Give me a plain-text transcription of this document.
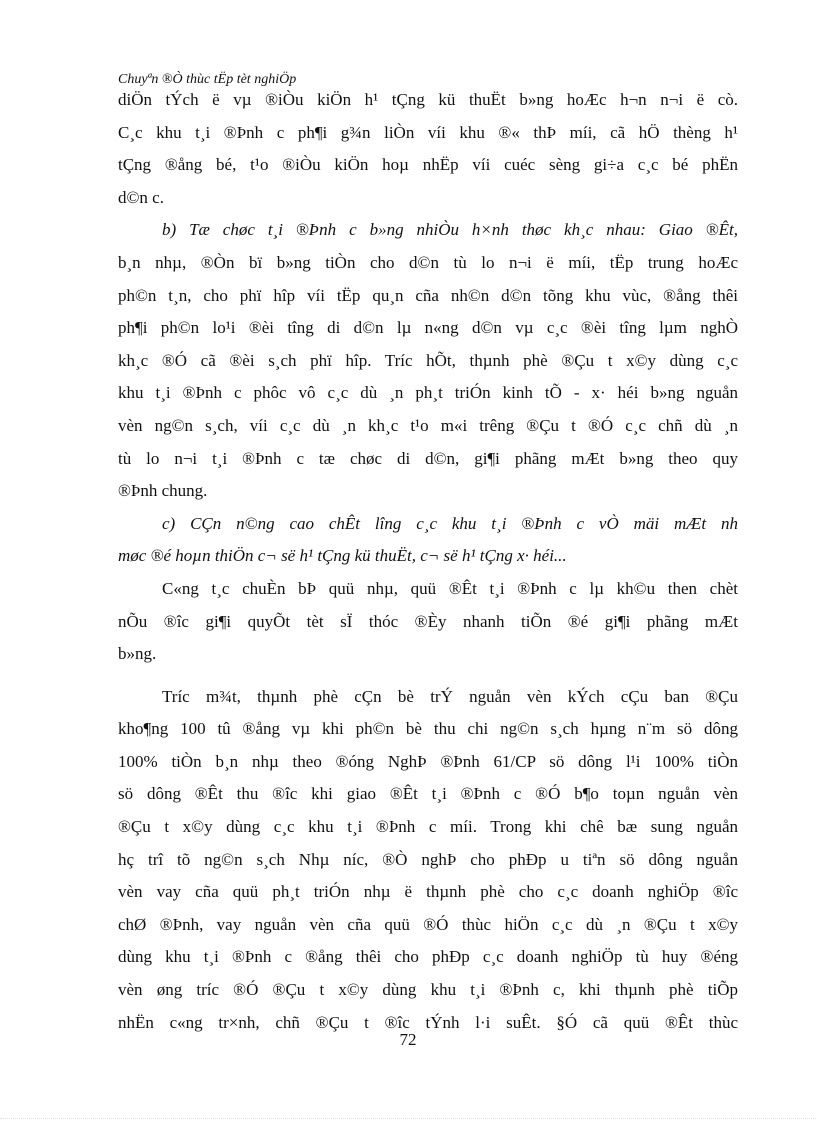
Chuyªn ®Ò thùc tËp tèt nghiÖp
diÖn tÝch ë vµ ®iÒu kiÖn h¹ tÇng kü thuËt b»ng hoÆc h¬n n¬i ë cò.
C¸c khu t¸i ®Þnh c ph¶i g¾n liÒn víi khu ®« thÞ míi, cã hÖ thèng h¹
tÇng ®ång bé, t¹o ®iÒu kiÖn hoµ nhËp víi cuéc sèng gi÷a c¸c bé phËn
d©n c.
b) Tæ chøc t¸i ®Þnh c b»ng nhiÒu h×nh thøc kh¸c nhau: Giao ®Êt,
b¸n nhµ, ®Òn bï b»ng tiÒn cho d©n tù lo n¬i ë míi, tËp trung hoÆc
ph©n t¸n, cho phï hîp víi tËp qu¸n cña nh©n d©n tõng khu vùc, ®ång thêi
ph¶i ph©n lo¹i ®èi tîng di d©n lµ n«ng d©n vµ c¸c ®èi tîng lµm nghÒ
kh¸c ®Ó cã ®èi s¸ch phï hîp. Tríc hÕt, thµnh phè ®Çu t x©y dùng c¸c
khu t¸i ®Þnh c phôc vô c¸c dù ¸n ph¸t triÓn kinh tÕ - x· héi b»ng nguån
vèn ng©n s¸ch, víi c¸c dù ¸n kh¸c t¹o m«i trêng ®Çu t ®Ó c¸c chñ dù ¸n
tù lo n¬i t¸i ®Þnh c tæ chøc di d©n, gi¶i phãng mÆt b»ng theo quy
®Þnh chung.
c) CÇn n©ng cao chÊt lîng c¸c khu t¸i ®Þnh c vÒ mäi mÆt nh
møc ®é hoµn thiÖn c¬ së h¹ tÇng kü thuËt, c¬ së h¹ tÇng x· héi...
C«ng t¸c chuÈn bÞ quü nhµ, quü ®Êt t¸i ®Þnh c lµ kh©u then chèt
nÕu ®îc gi¶i quyÕt tèt sÏ thóc ®Èy nhanh tiÕn ®é gi¶i phãng mÆt
b»ng.
Tríc m¾t, thµnh phè cÇn bè trÝ nguån vèn kÝch cÇu ban ®Çu
kho¶ng 100 tû ®ång vµ khi ph©n bè thu chi ng©n s¸ch hµng n¨m sö dông
100% tiÒn b¸n nhµ theo ®óng NghÞ ®Þnh 61/CP sö dông l¹i 100% tiÒn
sö dông ®Êt thu ®îc khi giao ®Êt t¸i ®Þnh c ®Ó b¶o toµn nguån vèn
®Çu t x©y dùng c¸c khu t¸i ®Þnh c míi. Trong khi chê bæ sung nguån
hç trî tõ ng©n s¸ch Nhµ níc, ®Ò nghÞ cho phÐp u tiªn sö dông nguån
vèn vay cña quü ph¸t triÓn nhµ ë thµnh phè cho c¸c doanh nghiÖp ®îc
chØ ®Þnh, vay nguån vèn cña quü ®Ó thùc hiÖn c¸c dù ¸n ®Çu t x©y
dùng khu t¸i ®Þnh c ®ång thêi cho phÐp c¸c doanh nghiÖp tù huy ®éng
vèn øng tríc ®Ó ®Çu t x©y dùng khu t¸i ®Þnh c, khi thµnh phè tiÕp
nhËn c«ng tr×nh, chñ ®Çu t ®îc tÝnh l·i suÊt. §Ó cã quü ®Êt thùc
72
